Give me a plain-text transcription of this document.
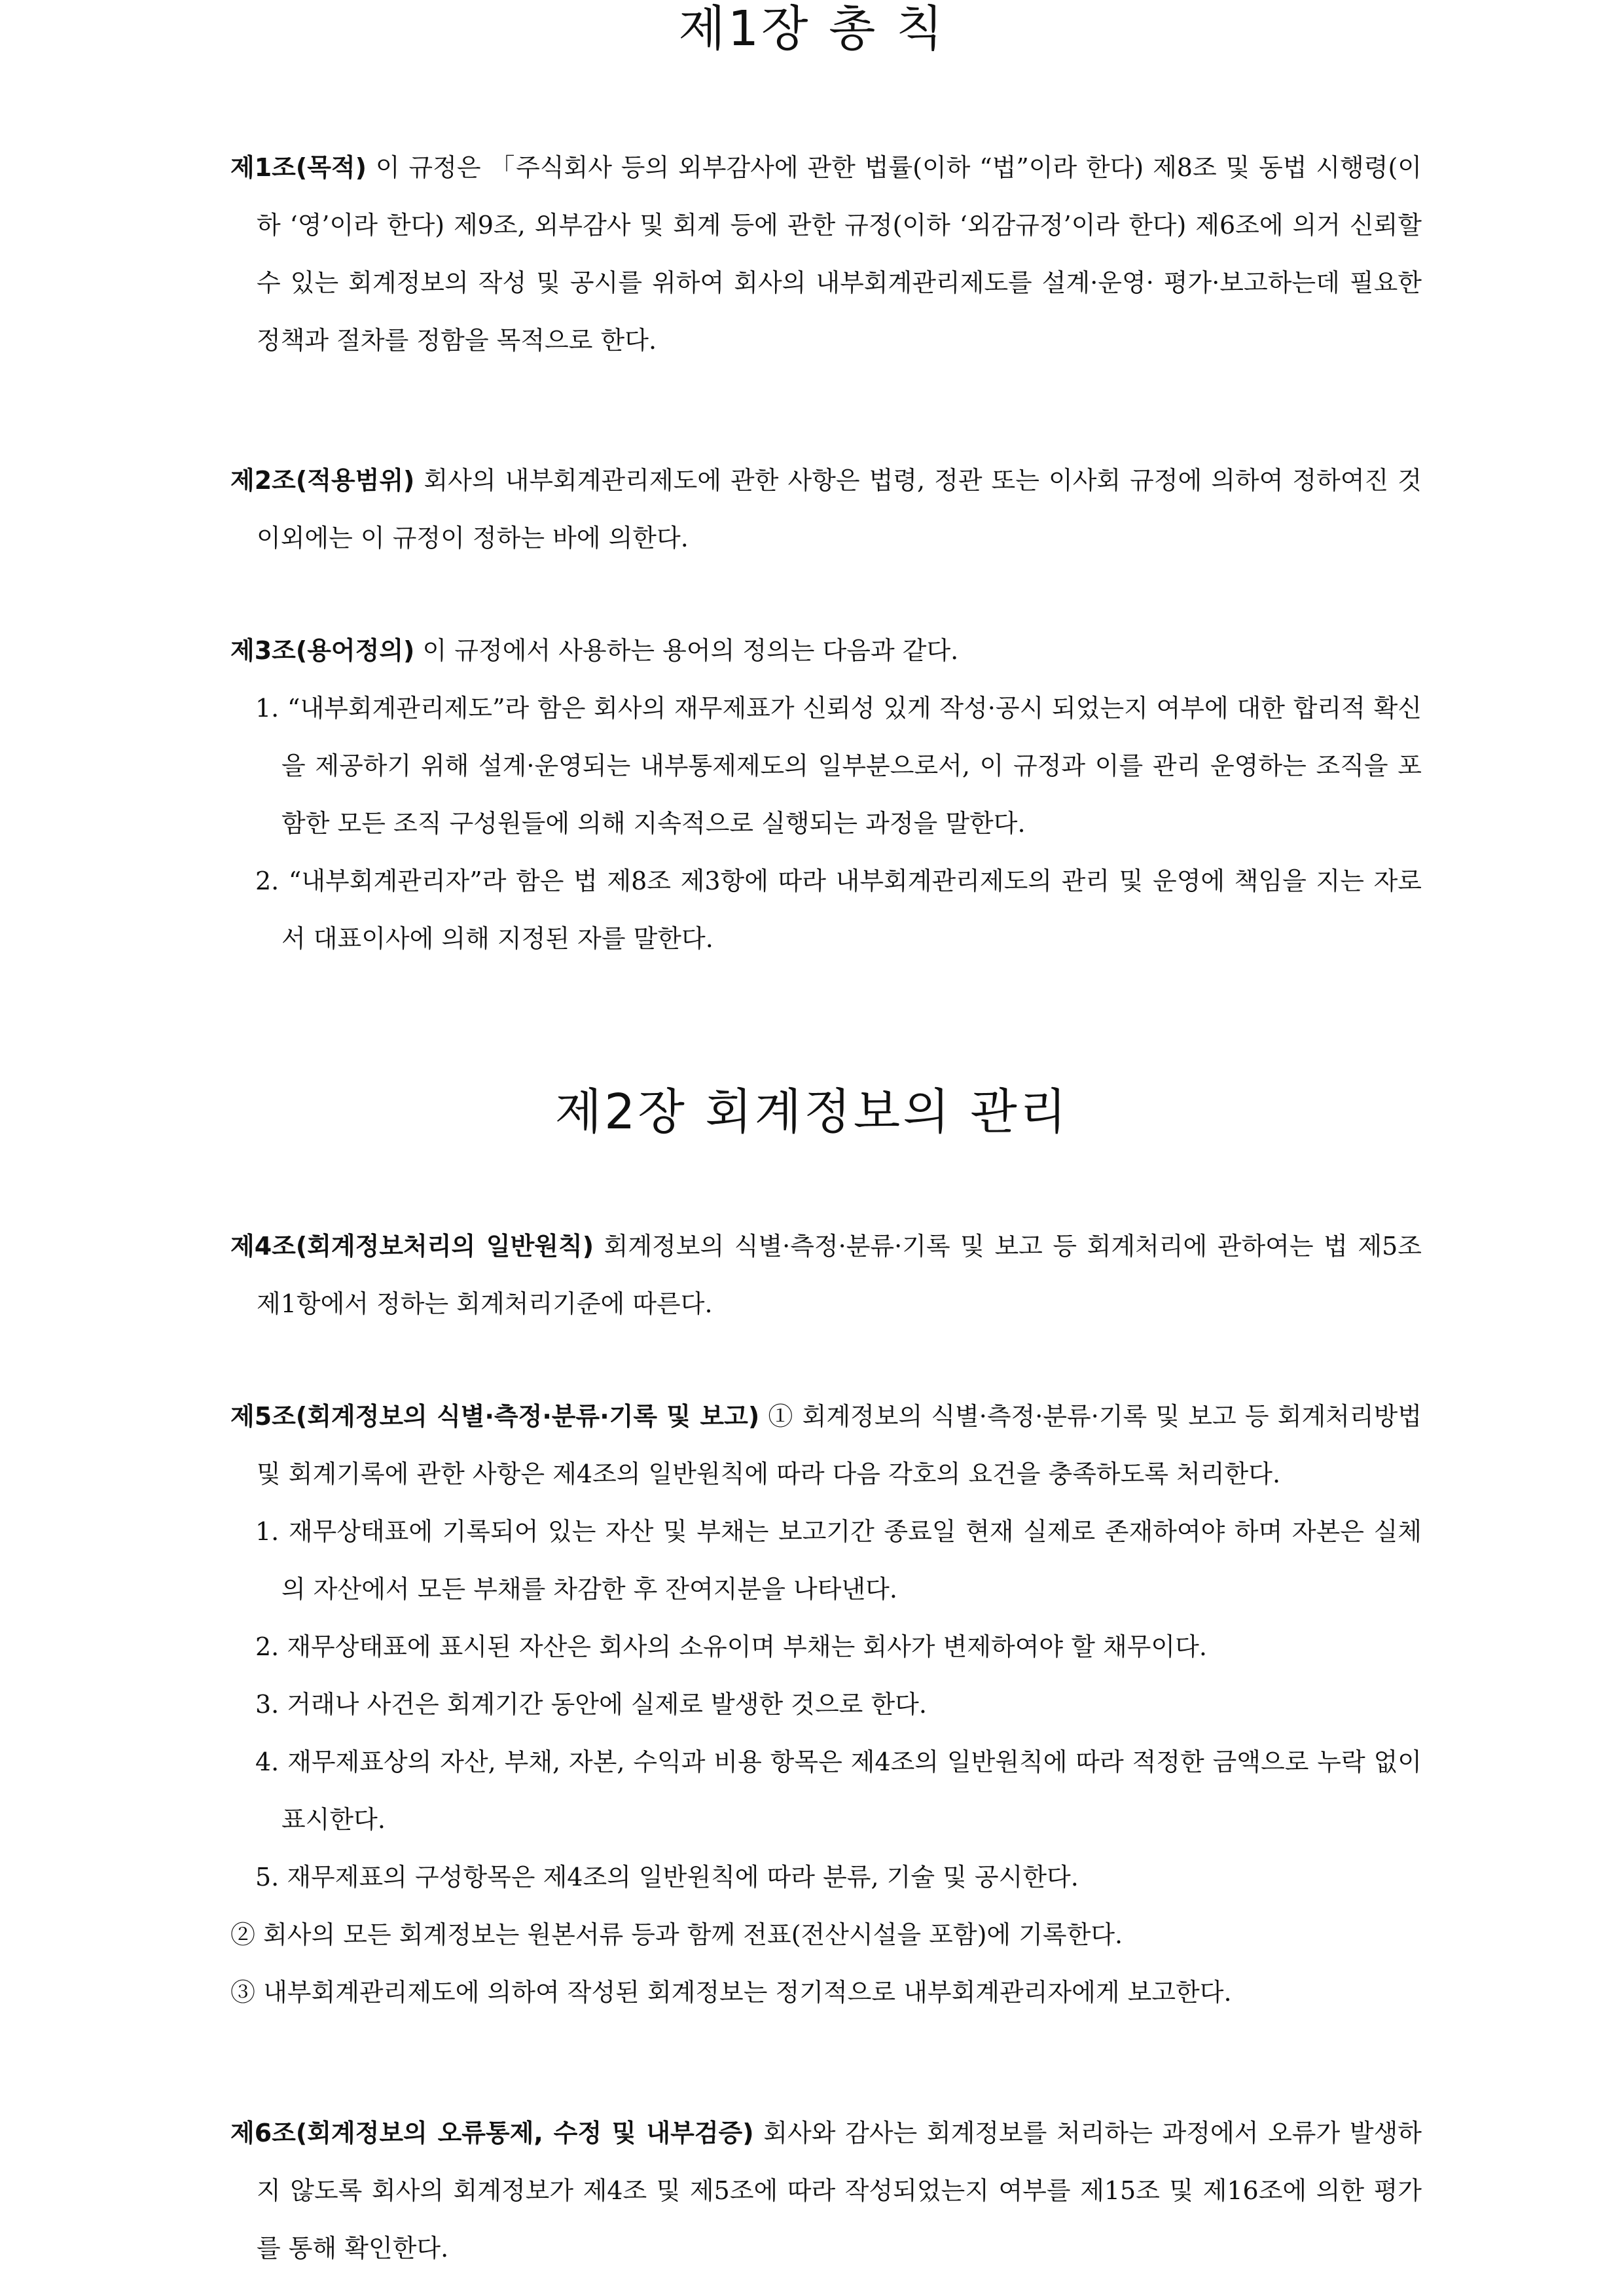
제1장 총 칙

제1조(목적) 이 규정은 「주식회사 등의 외부감사에 관한 법률(이하 “법”이라 한다) 제8조 및 동법 시행령(이하 ‘영’이라 한다) 제9조, 외부감사 및 회계 등에 관한 규정(이하 ‘외감규정’이라 한다) 제6조에 의거 신뢰할 수 있는 회계정보의 작성 및 공시를 위하여 회사의 내부회계관리제도를 설계·운영· 평가·보고하는데 필요한 정책과 절차를 정함을 목적으로 한다.

제2조(적용범위) 회사의 내부회계관리제도에 관한 사항은 법령, 정관 또는 이사회 규정에 의하여 정하여진 것 이외에는 이 규정이 정하는 바에 의한다.

제3조(용어정의) 이 규정에서 사용하는 용어의 정의는 다음과 같다.

1. “내부회계관리제도”라 함은 회사의 재무제표가 신뢰성 있게 작성·공시 되었는지 여부에 대한 합리적 확신을 제공하기 위해 설계·운영되는 내부통제제도의 일부분으로서, 이 규정과 이를 관리 운영하는 조직을 포함한 모든 조직 구성원들에 의해 지속적으로 실행되는 과정을 말한다.

2. “내부회계관리자”라 함은 법 제8조 제3항에 따라 내부회계관리제도의 관리 및 운영에 책임을 지는 자로서 대표이사에 의해 지정된 자를 말한다.

제2장 회계정보의 관리

제4조(회계정보처리의 일반원칙) 회계정보의 식별·측정·분류·기록 및 보고 등 회계처리에 관하여는 법 제5조 제1항에서 정하는 회계처리기준에 따른다.

제5조(회계정보의 식별·측정·분류·기록 및 보고) ① 회계정보의 식별·측정·분류·기록 및 보고 등 회계처리방법 및 회계기록에 관한 사항은 제4조의 일반원칙에 따라 다음 각호의 요건을 충족하도록 처리한다.

1. 재무상태표에 기록되어 있는 자산 및 부채는 보고기간 종료일 현재 실제로 존재하여야 하며 자본은 실체의 자산에서 모든 부채를 차감한 후 잔여지분을 나타낸다.

2. 재무상태표에 표시된 자산은 회사의 소유이며 부채는 회사가 변제하여야 할 채무이다.

3. 거래나 사건은 회계기간 동안에 실제로 발생한 것으로 한다.

4. 재무제표상의 자산, 부채, 자본, 수익과 비용 항목은 제4조의 일반원칙에 따라 적정한 금액으로 누락 없이 표시한다.

5. 재무제표의 구성항목은 제4조의 일반원칙에 따라 분류, 기술 및 공시한다.

② 회사의 모든 회계정보는 원본서류 등과 함께 전표(전산시설을 포함)에 기록한다.

③ 내부회계관리제도에 의하여 작성된 회계정보는 정기적으로 내부회계관리자에게 보고한다.

제6조(회계정보의 오류통제, 수정 및 내부검증) 회사와 감사는 회계정보를 처리하는 과정에서 오류가 발생하지 않도록 회사의 회계정보가 제4조 및 제5조에 따라 작성되었는지 여부를 제15조 및 제16조에 의한 평가를 통해 확인한다.
